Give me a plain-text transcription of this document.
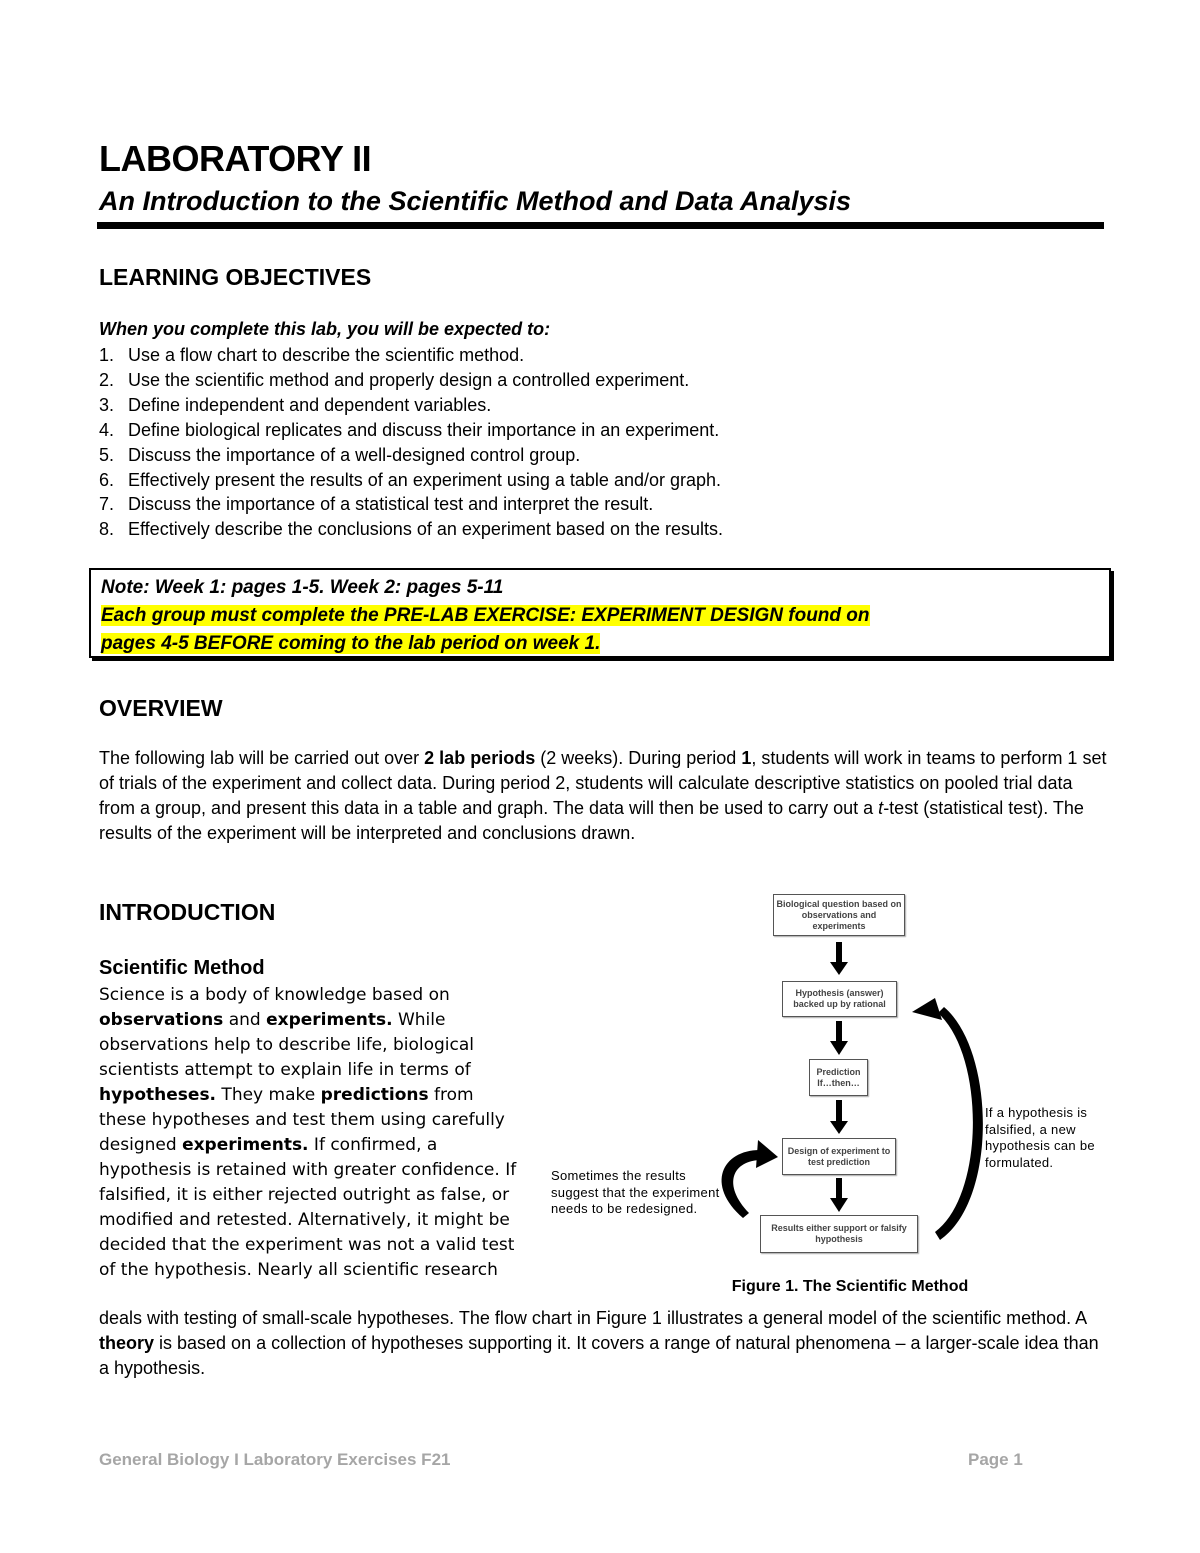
LABORATORY II
An Introduction to the Scientific Method and Data Analysis
LEARNING OBJECTIVES
When you complete this lab, you will be expected to:
1. Use a flow chart to describe the scientific method.
2. Use the scientific method and properly design a controlled experiment.
3. Define independent and dependent variables.
4. Define biological replicates and discuss their importance in an experiment.
5. Discuss the importance of a well-designed control group.
6. Effectively present the results of an experiment using a table and/or graph.
7. Discuss the importance of a statistical test and interpret the result.
8. Effectively describe the conclusions of an experiment based on the results.
Note: Week 1: pages 1-5. Week 2: pages 5-11
Each group must complete the PRE-LAB EXERCISE: EXPERIMENT DESIGN found on
pages 4-5 BEFORE coming to the lab period on week 1.
OVERVIEW
The following lab will be carried out over 2 lab periods (2 weeks). During period 1, students will work in teams to perform 1 set of trials of the experiment and collect data. During period 2, students will calculate descriptive statistics on pooled trial data from a group, and present this data in a table and graph. The data will then be used to carry out a t-test (statistical test). The results of the experiment will be interpreted and conclusions drawn.
INTRODUCTION
Scientific Method
Science is a body of knowledge based on observations and experiments. While observations help to describe life, biological scientists attempt to explain life in terms of hypotheses. They make predictions from these hypotheses and test them using carefully designed experiments. If confirmed, a hypothesis is retained with greater confidence. If falsified, it is either rejected outright as false, or modified and retested. Alternatively, it might be decided that the experiment was not a valid test of the hypothesis. Nearly all scientific research
deals with testing of small-scale hypotheses. The flow chart in Figure 1 illustrates a general model of the scientific method. A theory is based on a collection of hypotheses supporting it. It covers a range of natural phenomena – a larger-scale idea than a hypothesis.
Biological question based on observations and experiments
Hypothesis (answer) backed up by rational
Prediction If…then…
Design of experiment to test prediction
Results either support or falsify hypothesis
Sometimes the results suggest that the experiment needs to be redesigned.
If a hypothesis is falsified, a new hypothesis can be formulated.
Figure 1. The Scientific Method
General Biology I Laboratory Exercises F21	Page 1
